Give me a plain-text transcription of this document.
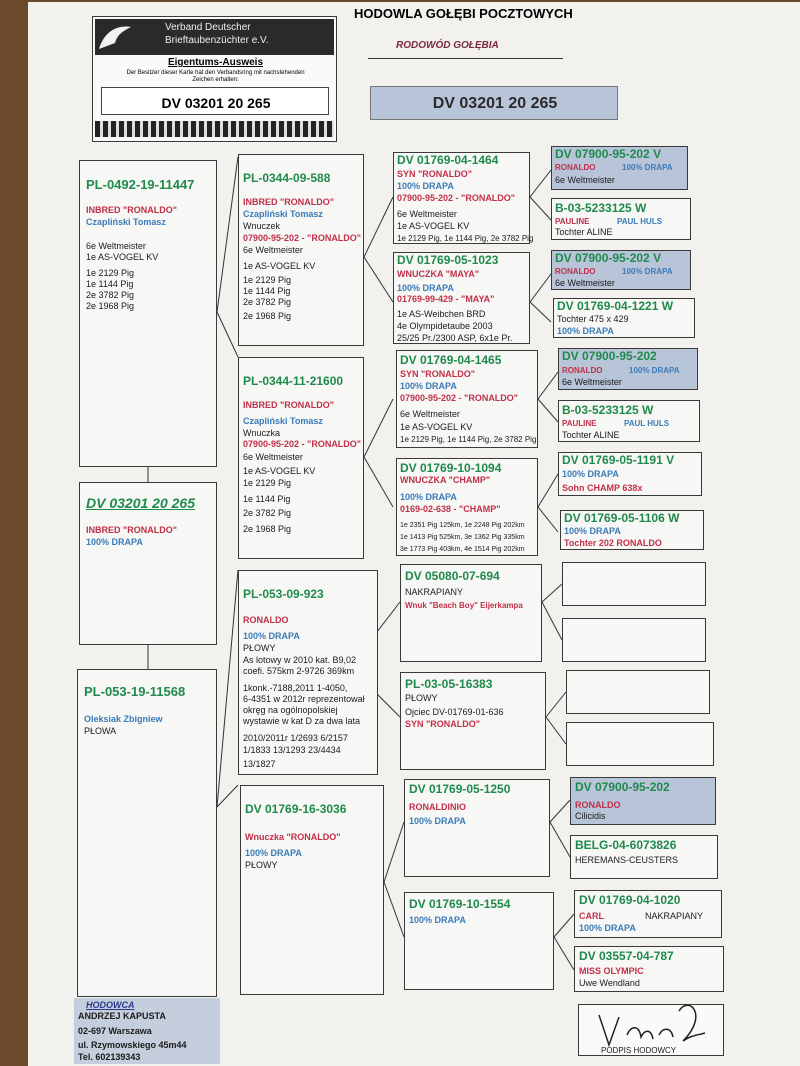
Verband Deutscher
Brieftaubenzüchter e.V.
Eigentums-Ausweis
Der Besitzer dieser Karte hat den Verbandsring mit nachstehenden Zeichen erhalten:
DV 03201 20 265
HODOWLA GOŁĘBI POCZTOWYCH
RODOWÓD GOŁĘBIA
DV 03201 20 265
PL-0492-19-11447
INBRED "RONALDO"
Czapliński Tomasz
6e Weltmeister
1e AS-VOGEL KV
1e 2129 Pig
1e 1144 Pig
2e 3782 Pig
2e 1968 Pig
DV 03201 20 265
INBRED "RONALDO"
100% DRAPA
PL-053-19-11568
Oleksiak Zbigniew
PŁOWA
PL-0344-09-588
INBRED "RONALDO"
Czapliński Tomasz
Wnuczek
07900-95-202 - "RONALDO"
6e Weltmeister
1e AS-VOGEL KV
1e 2129 Pig
1e 1144 Pig
2e 3782 Pig
2e 1968 Pig
PL-0344-11-21600
INBRED "RONALDO"
Czapliński Tomasz
Wnuczka
07900-95-202 - "RONALDO"
6e Weltmeister
1e AS-VOGEL KV
1e 2129 Pig
1e 1144 Pig
2e 3782 Pig
2e 1968 Pig
PL-053-09-923
RONALDO
100% DRAPA
PŁOWY
As lotowy w 2010 kat. B9,02
coefi. 575km 2-9726 369km
1konk.-7188,2011 1-4050,
6-4351 w 2012r reprezentował
okręg na ogólnopolskiej
wystawie w kat D za dwa lata
2010/2011r 1/2693 6/2157
1/1833 13/1293 23/4434
13/1827
DV 01769-16-3036
Wnuczka "RONALDO"
100% DRAPA
PŁOWY
DV 01769-04-1464
SYN "RONALDO"
100% DRAPA
07900-95-202 - "RONALDO"
6e Weltmeister
1e AS-VOGEL KV
1e 2129 Pig, 1e 1144 Pig, 2e 3782 Pig
DV 01769-05-1023
WNUCZKA "MAYA"
100% DRAPA
01769-99-429 - "MAYA"
1e AS-Weibchen BRD
4e Olympidetaube 2003
25/25 Pr./2300 ASP, 6x1e Pr.
DV 01769-04-1465
SYN "RONALDO"
100% DRAPA
07900-95-202 - "RONALDO"
6e Weltmeister
1e AS-VOGEL KV
1e 2129 Pig, 1e 1144 Pig, 2e 3782 Pig
DV 01769-10-1094
WNUCZKA "CHAMP"
100% DRAPA
0169-02-638 - "CHAMP"
1e 2351 Pig 125km, 1e 2248 Pig 202km
1e 1413 Pig 525km, 3e 1362 Pig 335km
3e 1773 Pig 403km, 4e 1514 Pig 202km
DV 05080-07-694
NAKRAPIANY
Wnuk "Beach Boy" Eijerkampa
PL-03-05-16383
PŁOWY
Ojciec DV-01769-01-636
SYN "RONALDO"
DV 01769-05-1250
RONALDINIO
100% DRAPA
DV 01769-10-1554
100% DRAPA
DV 07900-95-202 V
RONALDO	100% DRAPA
6e Weltmeister
B-03-5233125 W
PAULINE	PAUL HULS
Tochter ALINE
DV 07900-95-202 V
RONALDO	100% DRAPA
6e Weltmeister
DV 01769-04-1221 W
Tochter 475 x 429
100% DRAPA
DV 07900-95-202
RONALDO	100% DRAPA
6e Weltmeister
B-03-5233125 W
PAULINE	PAUL HULS
Tochter ALINE
DV 01769-05-1191 V
100% DRAPA
Sohn CHAMP 638x
DV 01769-05-1106 W
100% DRAPA
Tochter 202 RONALDO
DV 07900-95-202
RONALDO
Cilicidis
BELG-04-6073826
HEREMANS-CEUSTERS
DV 01769-04-1020
CARL	NAKRAPIANY
100% DRAPA
DV 03557-04-787
MISS OLYMPIC
Uwe Wendland
HODOWCA
ANDRZEJ KAPUSTA
02-697 Warszawa
ul. Rzymowskiego 45m44
Tel. 602139343
PODPIS HODOWCY
